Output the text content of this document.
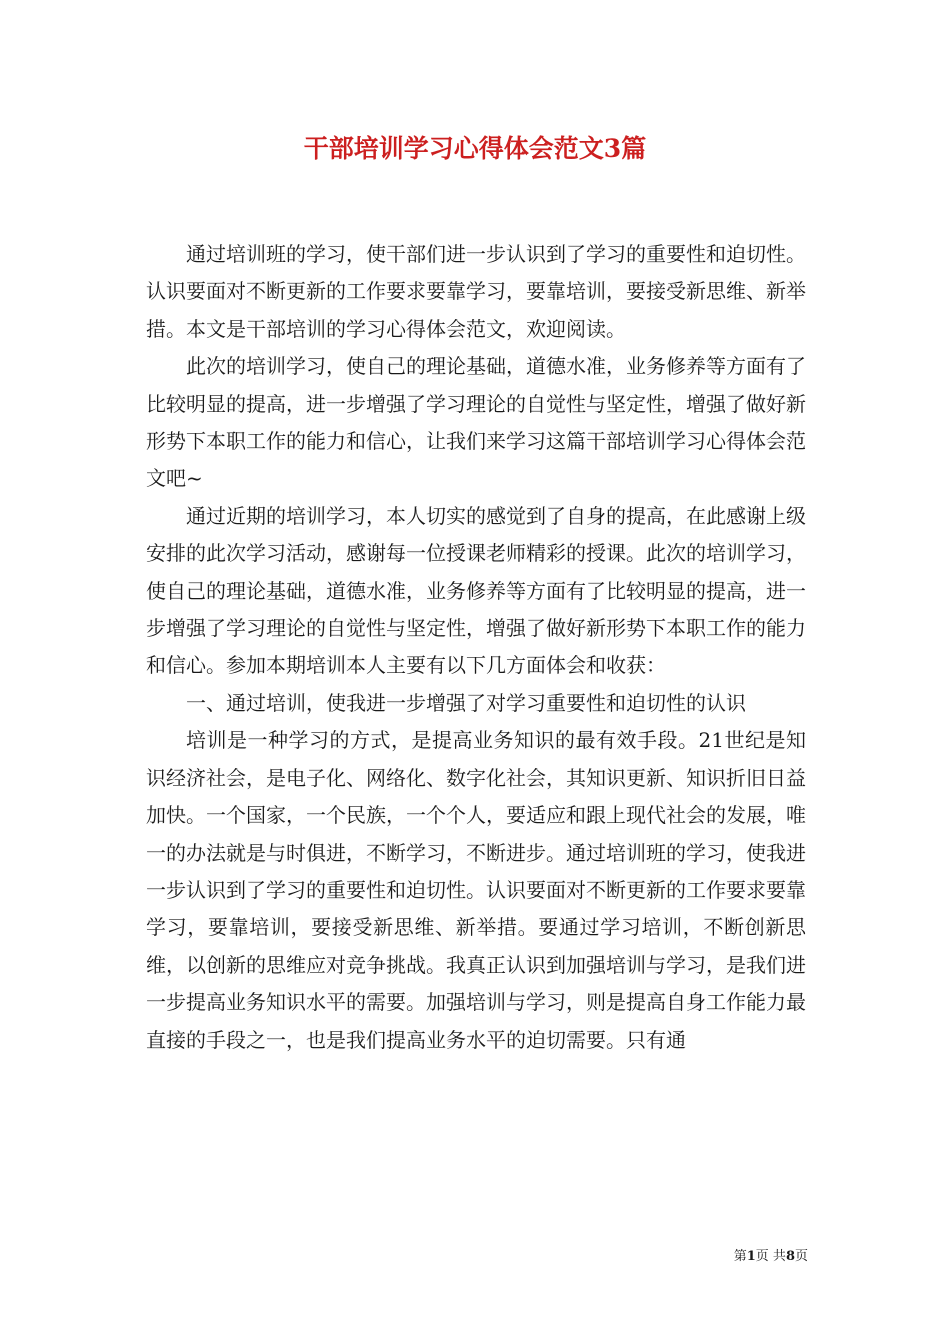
干部培训学习心得体会范文3篇

通过培训班的学习，使干部们进一步认识到了学习的重要性和迫切性。认识要面对不断更新的工作要求要靠学习，要靠培训，要接受新思维、新举措。本文是干部培训的学习心得体会范文，欢迎阅读。

此次的培训学习，使自己的理论基础，道德水准，业务修养等方面有了比较明显的提高，进一步增强了学习理论的自觉性与坚定性，增强了做好新形势下本职工作的能力和信心，让我们来学习这篇干部培训学习心得体会范文吧~

通过近期的培训学习，本人切实的感觉到了自身的提高，在此感谢上级安排的此次学习活动，感谢每一位授课老师精彩的授课。此次的培训学习，使自己的理论基础，道德水准，业务修养等方面有了比较明显的提高，进一步增强了学习理论的自觉性与坚定性，增强了做好新形势下本职工作的能力和信心。参加本期培训本人主要有以下几方面体会和收获：

一、通过培训，使我进一步增强了对学习重要性和迫切性的认识

培训是一种学习的方式，是提高业务知识的最有效手段。21世纪是知识经济社会，是电子化、网络化、数字化社会，其知识更新、知识折旧日益加快。一个国家，一个民族，一个个人，要适应和跟上现代社会的发展，唯一的办法就是与时俱进，不断学习，不断进步。通过培训班的学习，使我进一步认识到了学习的重要性和迫切性。认识要面对不断更新的工作要求要靠学习，要靠培训，要接受新思维、新举措。要通过学习培训，不断创新思维，以创新的思维应对竞争挑战。我真正认识到加强培训与学习，是我们进一步提高业务知识水平的需要。加强培训与学习，则是提高自身工作能力最直接的手段之一，也是我们提高业务水平的迫切需要。只有通

第1页 共8页
